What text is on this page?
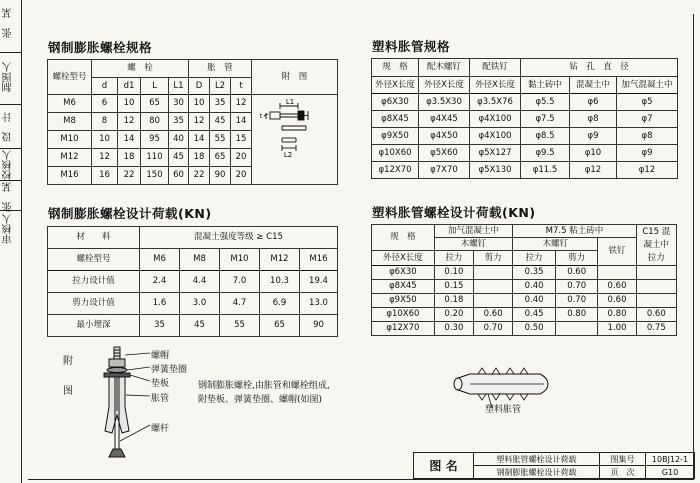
张　某
制图人
设　计
校核人
张　某
审核人
钢制膨胀螺栓规格
螺栓型号	螺　栓				胀　管			附　图
	d	d1	L	L1	D	L2	t	
M6	6	10	65	30	10	35	12	L1
L2
t

M8	8	12	80	35	12	45	14	
M10	10	14	95	40	14	55	15	
M12	12	18	110	45	18	65	20	
M16	16	22	150	60	22	90	20	
塑料胀管规格
规　格	配木螺钉	配铁钉	钻　孔　直　径		
外径X长度	外径X长度	外径X长度	黏土砖中	混凝土中	加气混凝土中
φ6X30	φ3.5X30	φ3.5X76	φ5.5	φ6	φ5
φ8X45	φ4X45	φ4X100	φ7.5	φ8	φ7
φ9X50	φ4X50	φ4X100	φ8.5	φ9	φ8
φ10X60	φ5X60	φ5X127	φ9.5	φ10	φ9
φ12X70	φ7X70	φ5X130	φ11.5	φ12	φ12
钢制膨胀螺栓设计荷载(KN)
材　　料	混凝土强度等级 ≥ C15				
螺栓型号	M6	M8	M10	M12	M16
拉力设计值	2.4	4.4	7.0	10.3	19.4
剪力设计值	1.6	3.0	4.7	6.9	13.0
最小埋深	35	45	55	65	90
塑料胀管螺栓设计荷载(KN)
规　格	加气混凝土中		M7.5 粘土砖中			C15 混
凝土中
拉力
	木螺钉		木螺钉		铁钉	
外径X长度	拉力	剪力	拉力	剪力		
φ6X30	0.10		0.35	0.60		
φ8X45	0.15		0.40	0.70	0.60	
φ9X50	0.18		0.40	0.70	0.60	
φ10X60	0.20	0.60	0.45	0.80	0.80	0.60
φ12X70	0.30	0.70	0.50		1.00	0.75
附
图
螺帽
弹簧垫圈
垫板
胀管
螺杆
钢制膨胀螺栓,由胀管和螺栓组成,
附垫板、弹簧垫圈、螺帽(如图)
塑料胀管
图 名	塑料胀管螺栓设计荷载	图集号	10BJ12-1
	钢制膨胀螺栓设计荷载	页　次	G10
